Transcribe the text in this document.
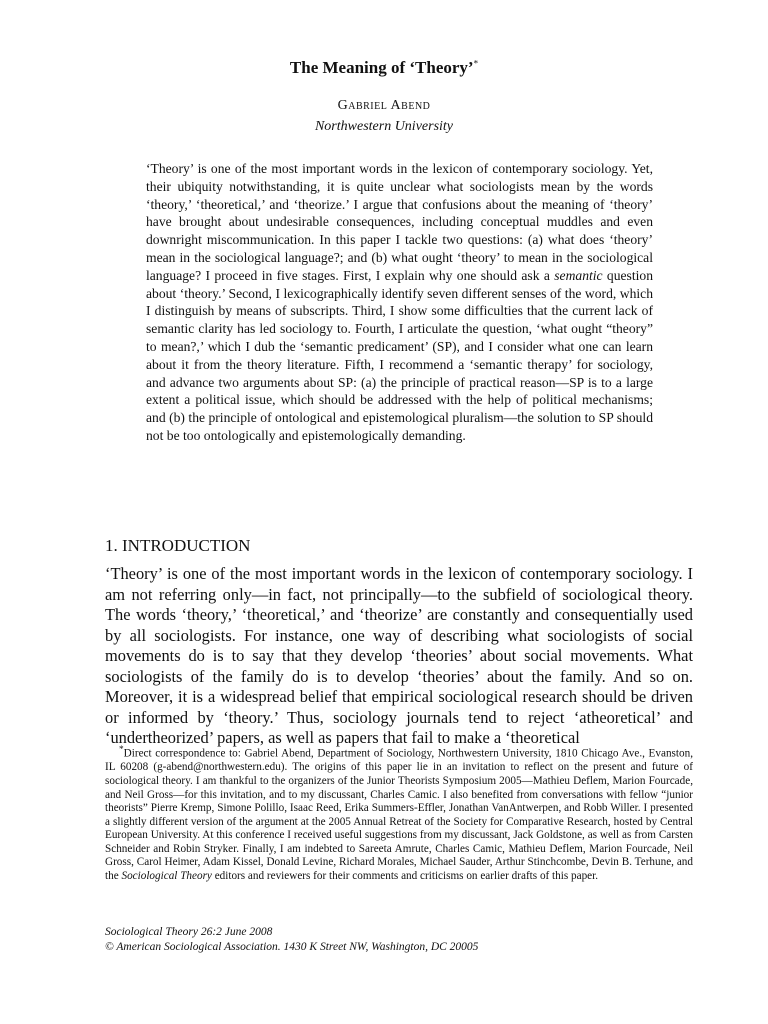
The Meaning of ‘Theory’*
Gabriel Abend
Northwestern University

‘Theory’ is one of the most important words in the lexicon of contemporary sociology. Yet, their ubiquity notwithstanding, it is quite unclear what sociologists mean by the words ‘theory,’ ‘theoretical,’ and ‘theorize.’ I argue that confusions about the meaning of ‘theory’ have brought about undesirable consequences, including conceptual muddles and even downright miscommunication. In this paper I tackle two questions: (a) what does ‘theory’ mean in the sociological language?; and (b) what ought ‘theory’ to mean in the sociological language? I proceed in five stages. First, I explain why one should ask a semantic question about ‘theory.’ Second, I lexicographically identify seven different senses of the word, which I distinguish by means of subscripts. Third, I show some difficulties that the current lack of semantic clarity has led sociology to. Fourth, I articulate the question, ‘what ought “theory” to mean?,’ which I dub the ‘semantic predicament’ (SP), and I consider what one can learn about it from the theory literature. Fifth, I recommend a ‘semantic therapy’ for sociology, and advance two arguments about SP: (a) the principle of practical reason—SP is to a large extent a political issue, which should be addressed with the help of political mechanisms; and (b) the principle of ontological and epistemological pluralism—the solution to SP should not be too ontologically and epistemologically demanding.

1. INTRODUCTION

‘Theory’ is one of the most important words in the lexicon of contemporary sociology. I am not referring only—in fact, not principally—to the subfield of sociological theory. The words ‘theory,’ ‘theoretical,’ and ‘theorize’ are constantly and consequentially used by all sociologists. For instance, one way of describing what sociologists of social movements do is to say that they develop ‘theories’ about social movements. What sociologists of the family do is to develop ‘theories’ about the family. And so on. Moreover, it is a widespread belief that empirical sociological research should be driven or informed by ‘theory.’ Thus, sociology journals tend to reject ‘atheoretical’ and ‘undertheorized’ papers, as well as papers that fail to make a ‘theoretical

*Direct correspondence to: Gabriel Abend, Department of Sociology, Northwestern University, 1810 Chicago Ave., Evanston, IL 60208 (g-abend@northwestern.edu). The origins of this paper lie in an invitation to reflect on the present and future of sociological theory. I am thankful to the organizers of the Junior Theorists Symposium 2005—Mathieu Deflem, Marion Fourcade, and Neil Gross—for this invitation, and to my discussant, Charles Camic. I also benefited from conversations with fellow “junior theorists” Pierre Kremp, Simone Polillo, Isaac Reed, Erika Summers-Effler, Jonathan VanAntwerpen, and Robb Willer. I presented a slightly different version of the argument at the 2005 Annual Retreat of the Society for Comparative Research, hosted by Central European University. At this conference I received useful suggestions from my discussant, Jack Goldstone, as well as from Carsten Schneider and Robin Stryker. Finally, I am indebted to Sareeta Amrute, Charles Camic, Mathieu Deflem, Marion Fourcade, Neil Gross, Carol Heimer, Adam Kissel, Donald Levine, Richard Morales, Michael Sauder, Arthur Stinchcombe, Devin B. Terhune, and the Sociological Theory editors and reviewers for their comments and criticisms on earlier drafts of this paper.

Sociological Theory 26:2 June 2008
© American Sociological Association. 1430 K Street NW, Washington, DC 20005
